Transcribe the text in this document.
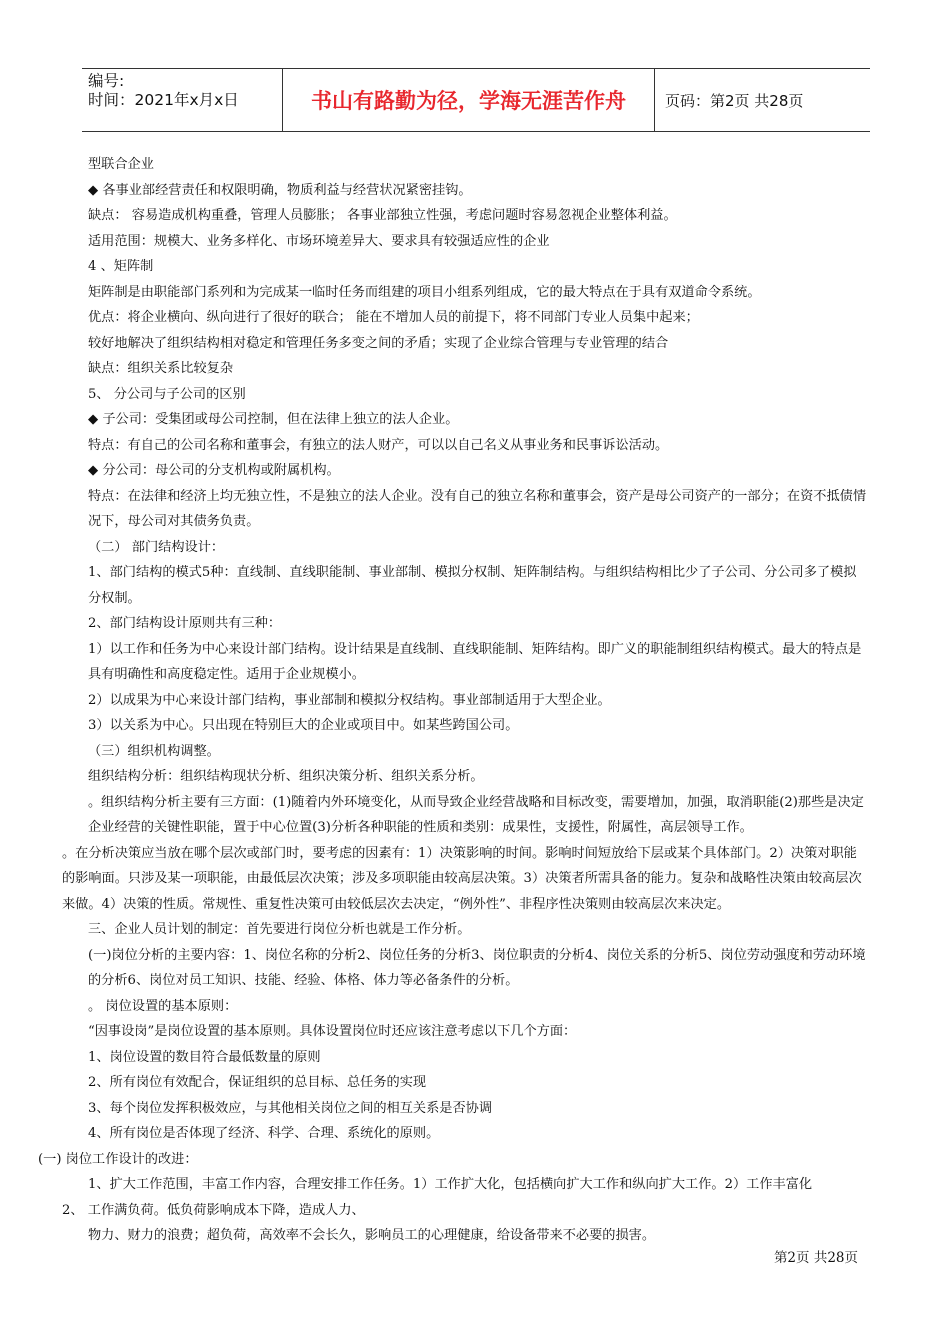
编号:
时间：2021年x月x日	书山有路勤为径，学海无涯苦作舟	页码：第2页 共28页

型联合企业

◆ 各事业部经营责任和权限明确，物质利益与经营状况紧密挂钩。

缺点： 容易造成机构重叠，管理人员膨胀； 各事业部独立性强，考虑问题时容易忽视企业整体利益。

适用范围：规模大、业务多样化、市场环境差异大、要求具有较强适应性的企业

4 、矩阵制

矩阵制是由职能部门系列和为完成某一临时任务而组建的项目小组系列组成，它的最大特点在于具有双道命令系统。

优点：将企业横向、纵向进行了很好的联合； 能在不增加人员的前提下，将不同部门专业人员集中起来；

较好地解决了组织结构相对稳定和管理任务多变之间的矛盾；实现了企业综合管理与专业管理的结合

缺点：组织关系比较复杂

5、 分公司与子公司的区别

◆ 子公司：受集团或母公司控制，但在法律上独立的法人企业。

特点：有自己的公司名称和董事会，有独立的法人财产，可以以自己名义从事业务和民事诉讼活动。

◆ 分公司：母公司的分支机构或附属机构。

特点：在法律和经济上均无独立性，不是独立的法人企业。没有自己的独立名称和董事会，资产是母公司资产的一部分；在资不抵债情况下，母公司对其债务负责。

（二） 部门结构设计：

1、部门结构的模式5种：直线制、直线职能制、事业部制、模拟分权制、矩阵制结构。与组织结构相比少了子公司、分公司多了模拟分权制。

2、部门结构设计原则共有三种：

1）以工作和任务为中心来设计部门结构。设计结果是直线制、直线职能制、矩阵结构。即广义的职能制组织结构模式。最大的特点是具有明确性和高度稳定性。适用于企业规模小。

2）以成果为中心来设计部门结构，事业部制和模拟分权结构。事业部制适用于大型企业。

3）以关系为中心。只出现在特别巨大的企业或项目中。如某些跨国公司。

（三）组织机构调整。

组织结构分析：组织结构现状分析、组织决策分析、组织关系分析。

。组织结构分析主要有三方面：(1)随着内外环境变化，从而导致企业经营战略和目标改变，需要增加，加强，取消职能(2)那些是决定企业经营的关键性职能，置于中心位置(3)分析各种职能的性质和类别：成果性，支援性，附属性，高层领导工作。

。在分析决策应当放在哪个层次或部门时，要考虑的因素有：1）决策影响的时间。影响时间短放给下层或某个具体部门。2）决策对职能的影响面。只涉及某一项职能，由最低层次决策；涉及多项职能由较高层决策。3）决策者所需具备的能力。复杂和战略性决策由较高层次来做。4）决策的性质。常规性、重复性决策可由较低层次去决定，“例外性”、非程序性决策则由较高层次来决定。

三、企业人员计划的制定：首先要进行岗位分析也就是工作分析。

(一)岗位分析的主要内容：1、岗位名称的分析2、岗位任务的分析3、岗位职责的分析4、岗位关系的分析5、岗位劳动强度和劳动环境的分析6、岗位对员工知识、技能、经验、体格、体力等必备条件的分析。

。 岗位设置的基本原则：

“因事设岗”是岗位设置的基本原则。具体设置岗位时还应该注意考虑以下几个方面：

1、岗位设置的数目符合最低数量的原则

2、所有岗位有效配合，保证组织的总目标、总任务的实现

3、每个岗位发挥积极效应，与其他相关岗位之间的相互关系是否协调

4、所有岗位是否体现了经济、科学、合理、系统化的原则。

(一) 岗位工作设计的改进：

1、扩大工作范围，丰富工作内容，合理安排工作任务。1）工作扩大化，包括横向扩大工作和纵向扩大工作。2）工作丰富化

2、 工作满负荷。低负荷影响成本下降，造成人力、

物力、财力的浪费；超负荷，高效率不会长久，影响员工的心理健康，给设备带来不必要的损害。

第2页 共28页
